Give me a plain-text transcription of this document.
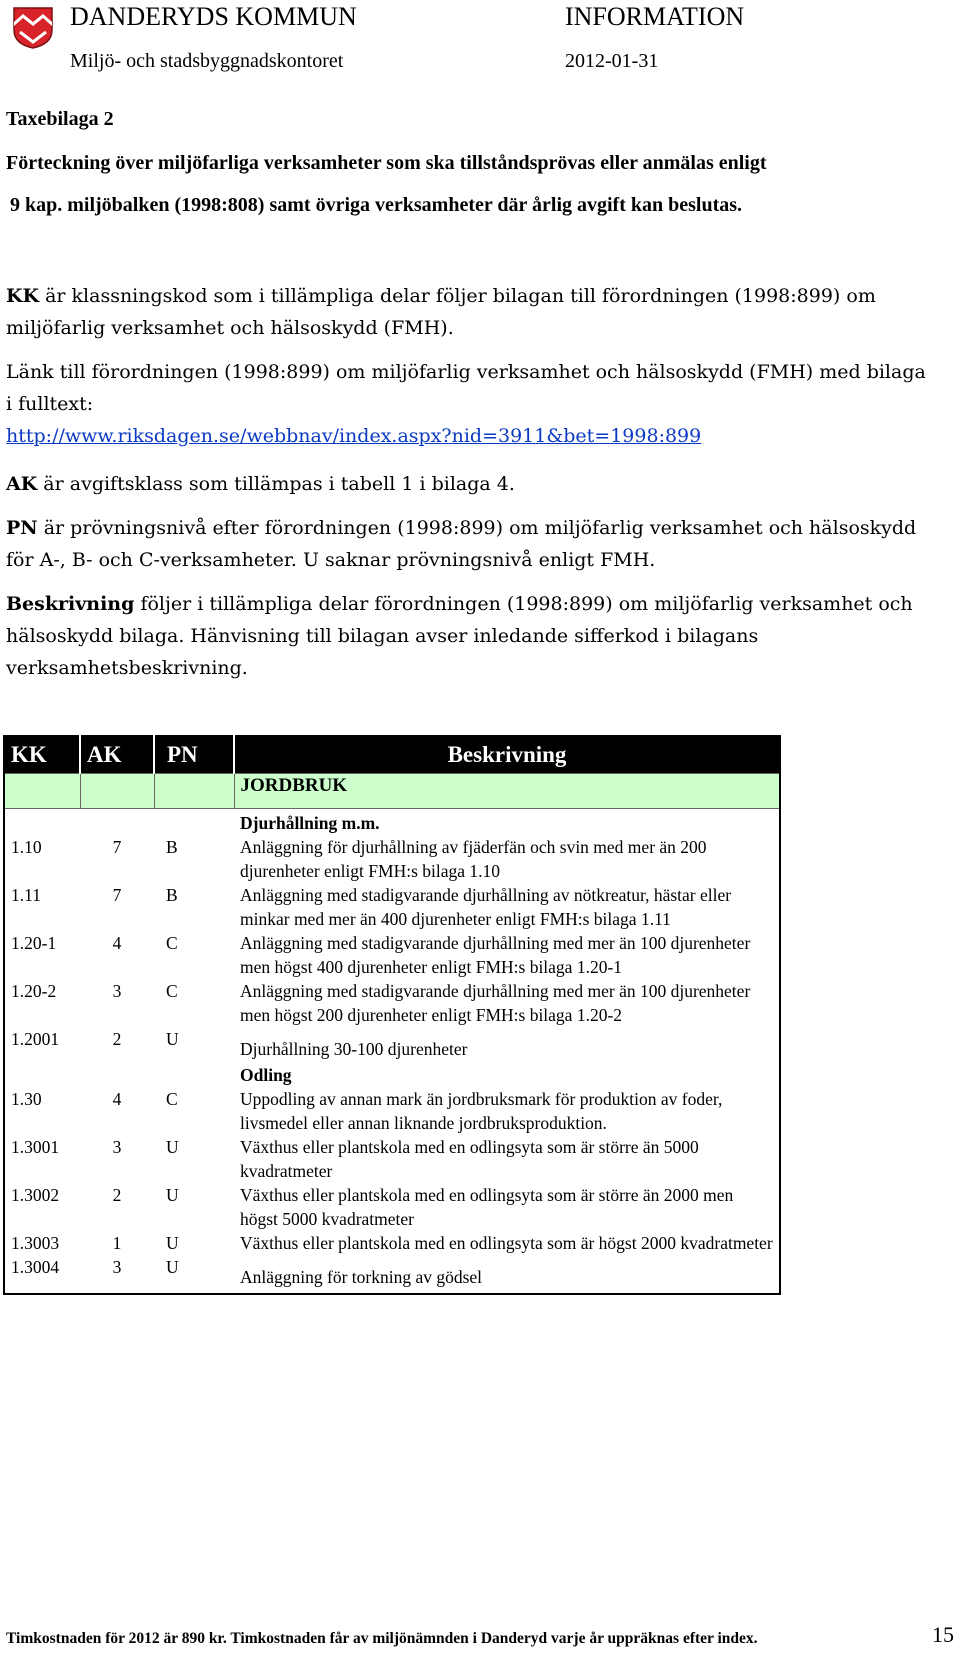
DANDERYDS KOMMUN	INFORMATION
Miljö- och stadsbyggnadskontoret	2012-01-31
Taxebilaga 2
Förteckning över miljöfarliga verksamheter som ska tillståndsprövas eller anmälas enligt
9 kap. miljöbalken (1998:808) samt övriga verksamheter där årlig avgift kan beslutas.
KK är klassningskod som i tillämpliga delar följer bilagan till förordningen (1998:899) om miljöfarlig verksamhet och hälsoskydd (FMH).
Länk till förordningen (1998:899) om miljöfarlig verksamhet och hälsoskydd (FMH) med bilaga i fulltext:
http://www.riksdagen.se/webbnav/index.aspx?nid=3911&bet=1998:899
AK är avgiftsklass som tillämpas i tabell 1 i bilaga 4.
PN är prövningsnivå efter förordningen (1998:899) om miljöfarlig verksamhet och hälsoskydd för A-, B- och C-verksamheter. U saknar prövningsnivå enligt FMH.
Beskrivning följer i tillämpliga delar förordningen (1998:899) om miljöfarlig verksamhet och hälsoskydd bilaga. Hänvisning till bilagan avser inledande sifferkod i bilagans verksamhetsbeskrivning.
KK	AK	PN	Beskrivning
			JORDBRUK
			Djurhållning m.m.
1.10	7	B	Anläggning för djurhållning av fjäderfän och svin med mer än 200 djurenheter enligt FMH:s bilaga 1.10
1.11	7	B	Anläggning med stadigvarande djurhållning av nötkreatur, hästar eller minkar med mer än 400 djurenheter enligt FMH:s bilaga 1.11
1.20-1	4	C	Anläggning med stadigvarande djurhållning med mer än 100 djurenheter men högst 400 djurenheter enligt FMH:s bilaga 1.20-1
1.20-2	3	C	Anläggning med stadigvarande djurhållning med mer än 100 djurenheter men högst 200 djurenheter enligt FMH:s bilaga 1.20-2
1.2001	2	U	Djurhållning 30-100 djurenheter
			Odling
1.30	4	C	Uppodling av annan mark än jordbruksmark för produktion av foder, livsmedel eller annan liknande jordbruksproduktion.
1.3001	3	U	Växthus eller plantskola med en odlingsyta som är större än 5000 kvadratmeter
1.3002	2	U	Växthus eller plantskola med en odlingsyta som är större än 2000 men högst 5000 kvadratmeter
1.3003	1	U	Växthus eller plantskola med en odlingsyta som är högst 2000 kvadratmeter
1.3004	3	U	Anläggning för torkning av gödsel
Timkostnaden för 2012 är 890 kr. Timkostnaden får av miljönämnden i Danderyd varje år uppräknas efter index.	15
